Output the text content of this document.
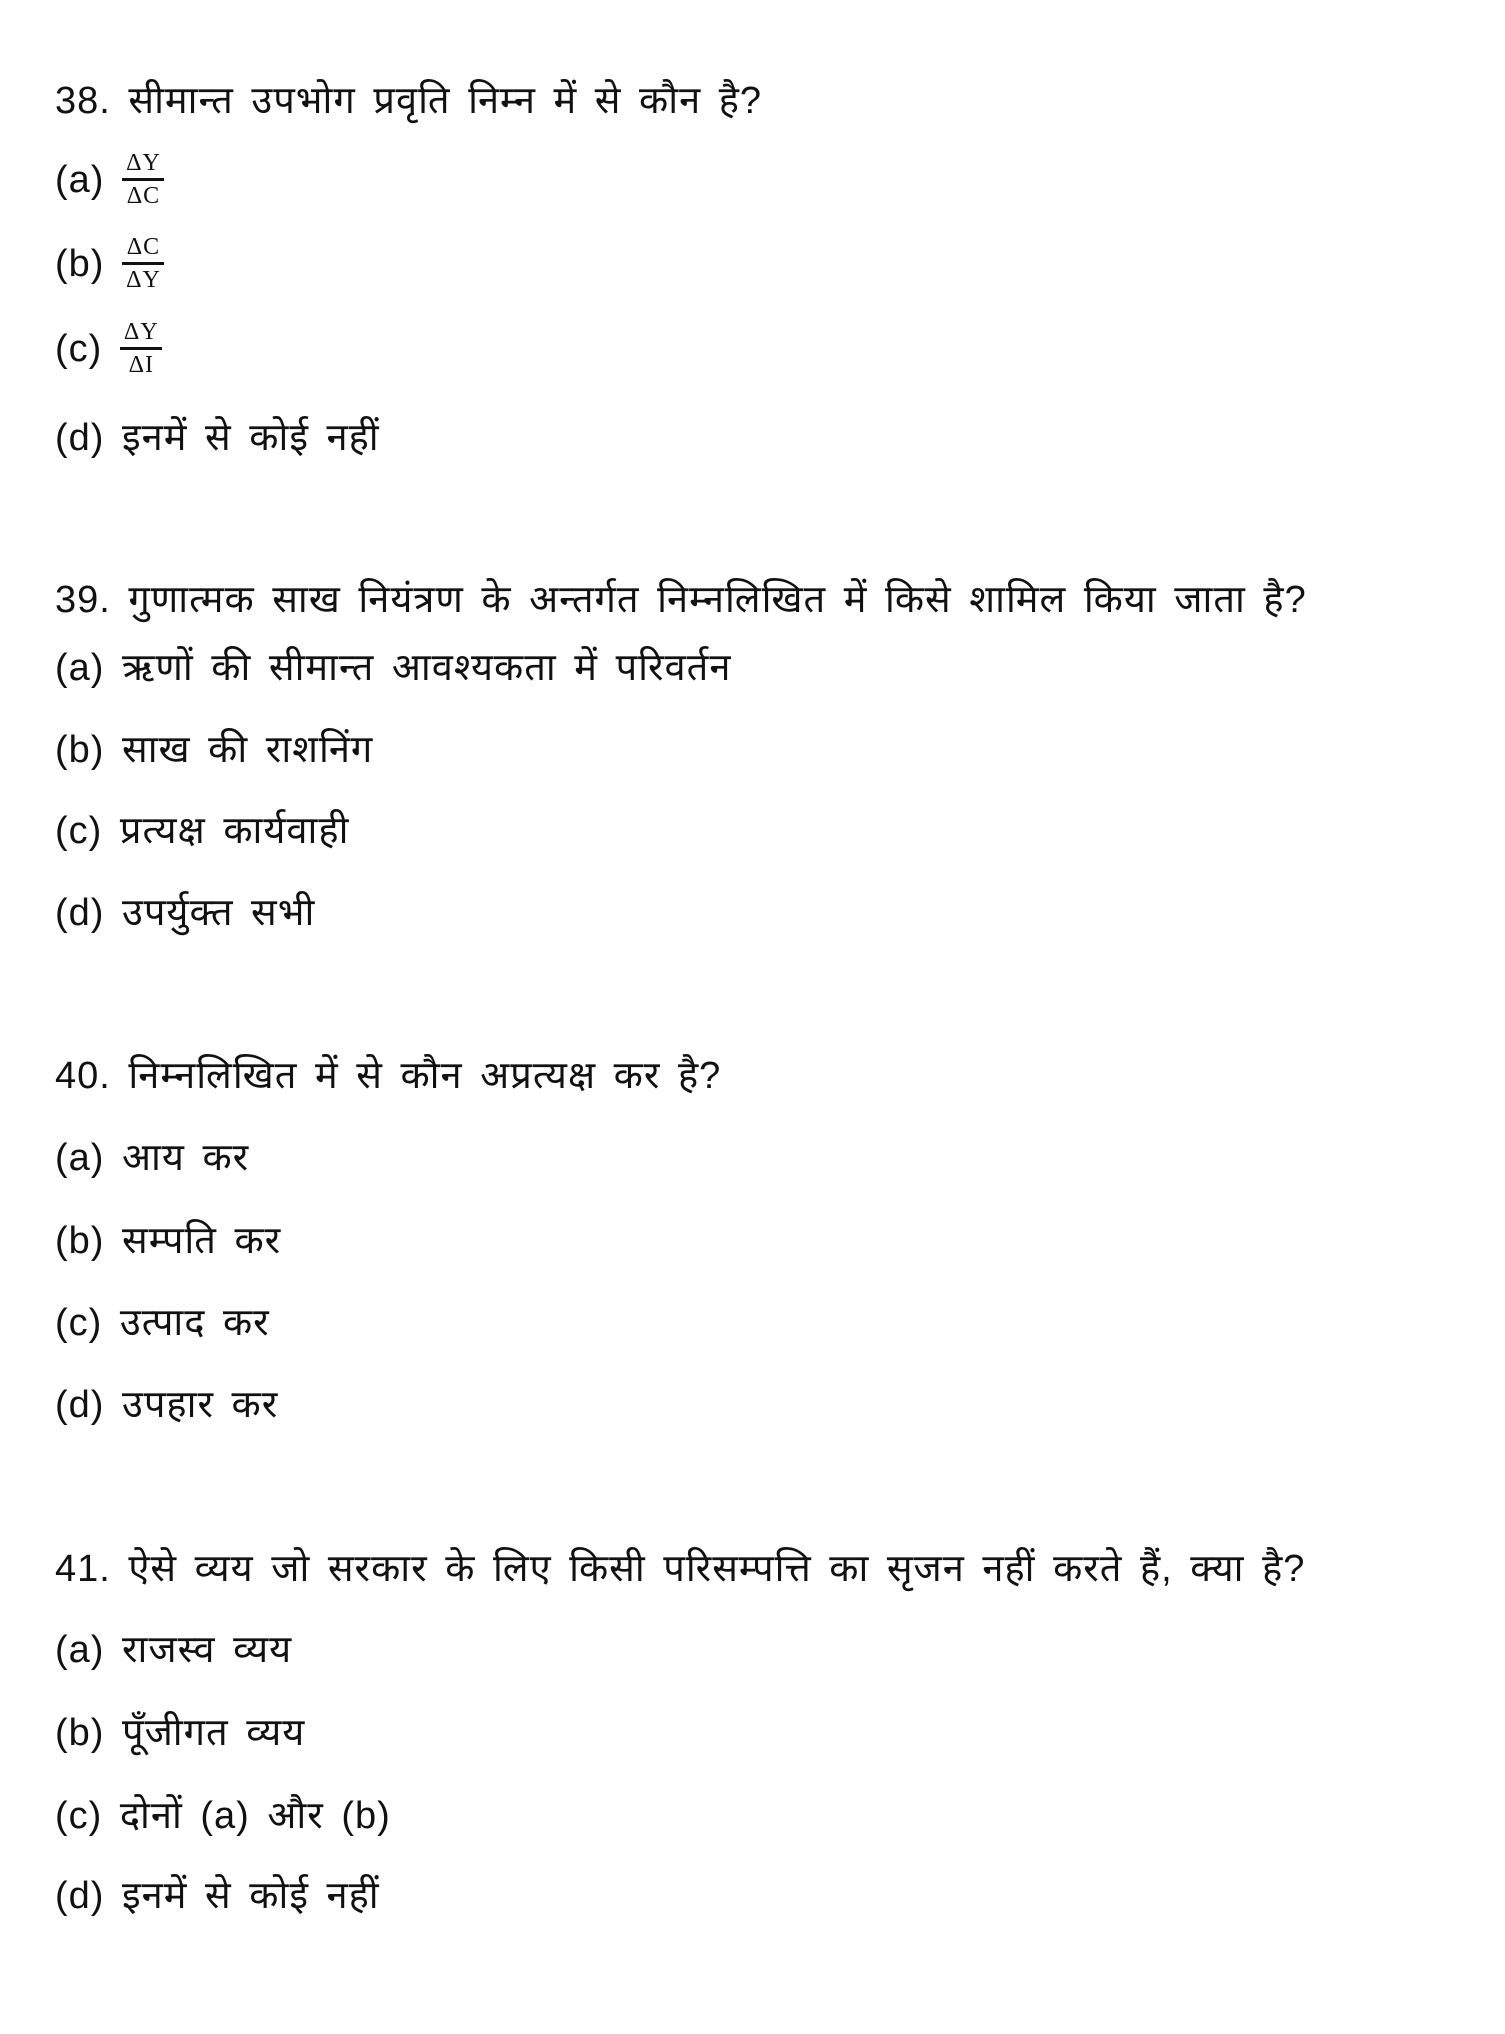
38. सीमान्त उपभोग प्रवृति निम्न में से कौन है?
$(a) \frac{\Delta Y}{\Delta C}$
$(b) \frac{\Delta C}{\Delta Y}$
$(c) \frac{\Delta Y}{\Delta I}$
(d) इनमें से कोई नहीं
39. गुणात्मक साख नियंत्रण के अन्तर्गत निम्नलिखित में किसे शामिल किया जाता है?
(a) ऋणों की सीमान्त आवश्यकता में परिवर्तन
(b) साख की राशनिंग
(c) प्रत्यक्ष कार्यवाही
(d) उपर्युक्त सभी
40. निम्नलिखित में से कौन अप्रत्यक्ष कर है?
(a) आय कर
(b) सम्पति कर
(c) उत्पाद कर
(d) उपहार कर
41. ऐसे व्यय जो सरकार के लिए किसी परिसम्पत्ति का सृजन नहीं करते हैं, क्या है?
(a) राजस्व व्यय
(b) पूँजीगत व्यय
(c) दोनों (a) और (b)
(d) इनमें से कोई नहीं
